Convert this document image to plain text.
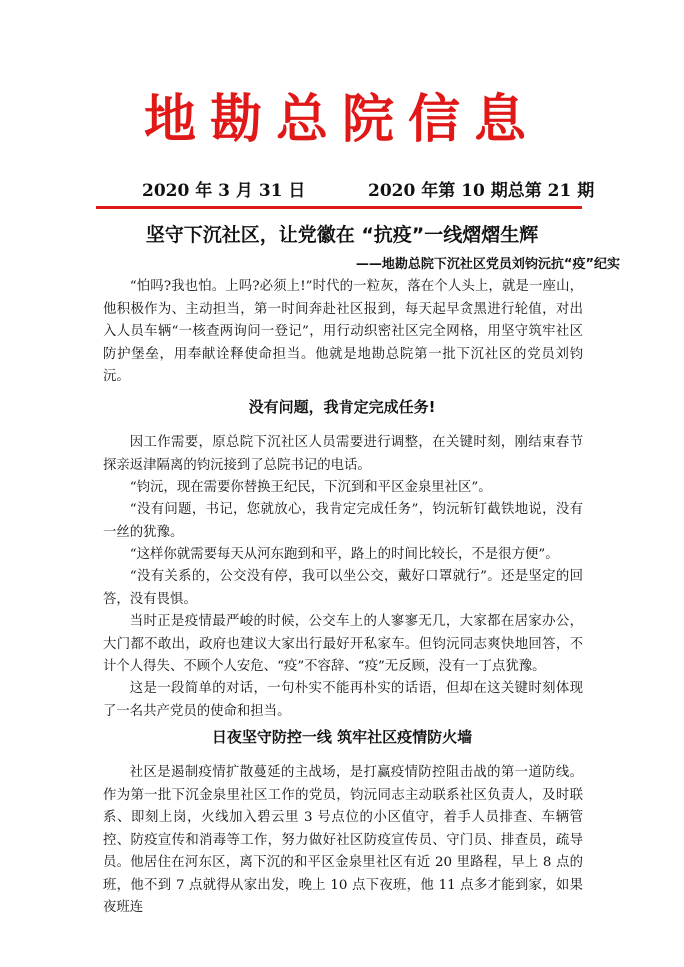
地勘总院信息
2020 年 3 月 31 日	2020 年第 10 期总第 21 期
坚守下沉社区，让党徽在 “抗疫”一线熠熠生辉
——地勘总院下沉社区党员刘钧沅抗“疫”纪实

“怕吗?我也怕。上吗?必须上!”时代的一粒灰，落在个人头上，就是一座山，他积极作为、主动担当，第一时间奔赴社区报到，每天起早贪黑进行轮值，对出入人员车辆“一核查两询问一登记”，用行动织密社区完全网格，用坚守筑牢社区防护堡垒，用奉献诠释使命担当。他就是地勘总院第一批下沉社区的党员刘钧沅。

没有问题，我肯定完成任务!

因工作需要，原总院下沉社区人员需要进行调整，在关键时刻，刚结束春节探亲返津隔离的钧沅接到了总院书记的电话。

“钧沅，现在需要你替换王纪民，下沉到和平区金泉里社区”。

“没有问题，书记，您就放心，我肯定完成任务”，钧沅斩钉截铁地说，没有一丝的犹豫。

“这样你就需要每天从河东跑到和平，路上的时间比较长，不是很方便”。

“没有关系的，公交没有停，我可以坐公交，戴好口罩就行”。还是坚定的回答，没有畏惧。

当时正是疫情最严峻的时候，公交车上的人寥寥无几，大家都在居家办公，大门都不敢出，政府也建议大家出行最好开私家车。但钧沅同志爽快地回答，不计个人得失、不顾个人安危、“疫”不容辞、“疫”无反顾，没有一丁点犹豫。

这是一段简单的对话，一句朴实不能再朴实的话语，但却在这关键时刻体现了一名共产党员的使命和担当。

日夜坚守防控一线 筑牢社区疫情防火墙

社区是遏制疫情扩散蔓延的主战场，是打赢疫情防控阻击战的第一道防线。作为第一批下沉金泉里社区工作的党员，钧沅同志主动联系社区负责人，及时联系、即刻上岗，火线加入碧云里 3 号点位的小区值守，着手人员排查、车辆管控、防疫宣传和消毒等工作，努力做好社区防疫宣传员、守门员、排查员，疏导员。他居住在河东区，离下沉的和平区金泉里社区有近 20 里路程，早上 8 点的班，他不到 7 点就得从家出发，晚上 10 点下夜班，他 11 点多才能到家，如果夜班连
